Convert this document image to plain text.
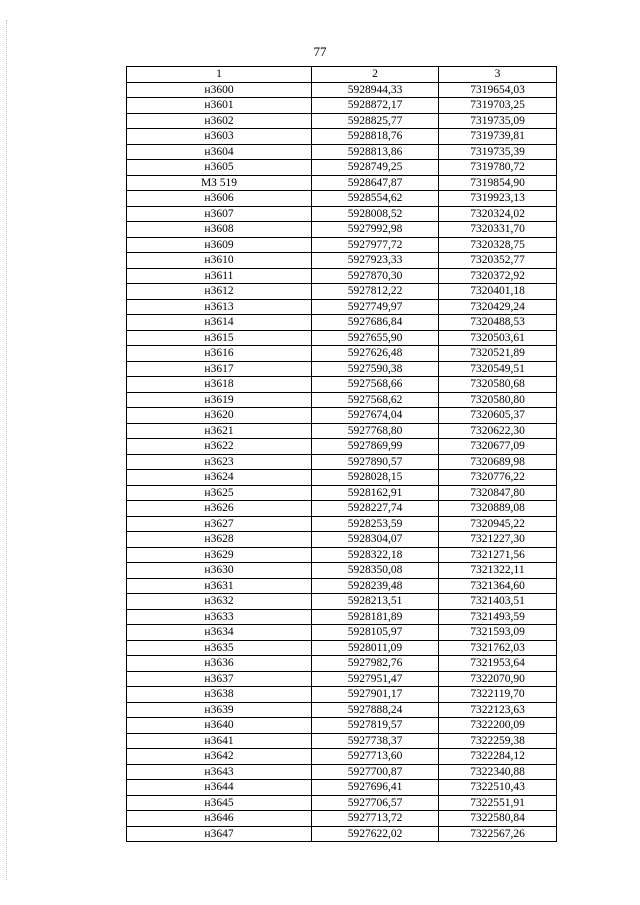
77
1	2	3
н3600	5928944,33	7319654,03
н3601	5928872,17	7319703,25
н3602	5928825,77	7319735,09
н3603	5928818,76	7319739,81
н3604	5928813,86	7319735,39
н3605	5928749,25	7319780,72
МЗ 519	5928647,87	7319854,90
н3606	5928554,62	7319923,13
н3607	5928008,52	7320324,02
н3608	5927992,98	7320331,70
н3609	5927977,72	7320328,75
н3610	5927923,33	7320352,77
н3611	5927870,30	7320372,92
н3612	5927812,22	7320401,18
н3613	5927749,97	7320429,24
н3614	5927686,84	7320488,53
н3615	5927655,90	7320503,61
н3616	5927626,48	7320521,89
н3617	5927590,38	7320549,51
н3618	5927568,66	7320580,68
н3619	5927568,62	7320580,80
н3620	5927674,04	7320605,37
н3621	5927768,80	7320622,30
н3622	5927869,99	7320677,09
н3623	5927890,57	7320689,98
н3624	5928028,15	7320776,22
н3625	5928162,91	7320847,80
н3626	5928227,74	7320889,08
н3627	5928253,59	7320945,22
н3628	5928304,07	7321227,30
н3629	5928322,18	7321271,56
н3630	5928350,08	7321322,11
н3631	5928239,48	7321364,60
н3632	5928213,51	7321403,51
н3633	5928181,89	7321493,59
н3634	5928105,97	7321593,09
н3635	5928011,09	7321762,03
н3636	5927982,76	7321953,64
н3637	5927951,47	7322070,90
н3638	5927901,17	7322119,70
н3639	5927888,24	7322123,63
н3640	5927819,57	7322200,09
н3641	5927738,37	7322259,38
н3642	5927713,60	7322284,12
н3643	5927700,87	7322340,88
н3644	5927696,41	7322510,43
н3645	5927706,57	7322551,91
н3646	5927713,72	7322580,84
н3647	5927622,02	7322567,26
